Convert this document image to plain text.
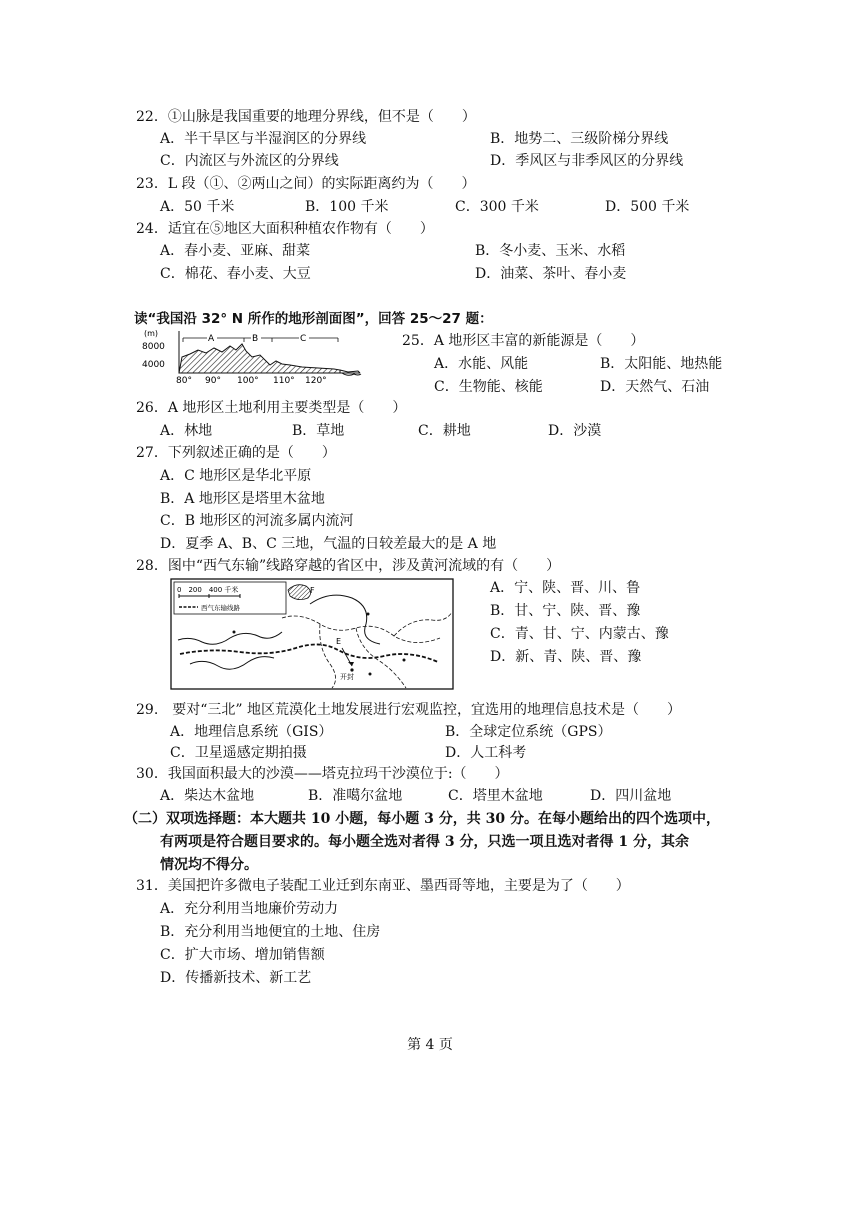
22．①山脉是我国重要的地理分界线，但不是（　　）
A．半干旱区与半湿润区的分界线	B．地势二、三级阶梯分界线
C．内流区与外流区的分界线	D．季风区与非季风区的分界线
23．L 段（①、②两山之间）的实际距离约为（　　）
A．50 千米	B．100 千米	C．300 千米	D．500 千米
24．适宜在⑤地区大面积种植农作物有（　　）
A．春小麦、亚麻、甜菜	B．冬小麦、玉米、水稻
C．棉花、春小麦、大豆	D．油菜、茶叶、春小麦
读“我国沿 32° N 所作的地形剖面图”，回答 25～27 题：
(m)
8000
4000
A	B	C
80° 90° 100° 110° 120°
25．A 地形区丰富的新能源是（　　）
A．水能、风能	B．太阳能、地热能
C．生物能、核能	D．天然气、石油
26．A 地形区土地利用主要类型是（　　）
A．林地	B．草地	C．耕地	D．沙漠
27．下列叙述正确的是（　　）
A．C 地形区是华北平原
B．A 地形区是塔里木盆地
C．B 地形区的河流多属内流河
D．夏季 A、B、C 三地，气温的日较差最大的是 A 地
28．图中“西气东输”线路穿越的省区中，涉及黄河流域的有（　　）
0　200　400 千米
西气东输线路
F
E
开封
A．宁、陕、晋、川、鲁
B．甘、宁、陕、晋、豫
C．青、甘、宁、内蒙古、豫
D．新、青、陕、晋、豫
29.　要对“三北” 地区荒漠化土地发展进行宏观监控，宜选用的地理信息技术是（　　）
A．地理信息系统（GIS）	B．全球定位系统（GPS）
C．卫星遥感定期拍摄	D．人工科考
30．我国面积最大的沙漠——塔克拉玛干沙漠位于:（　　）
A．柴达木盆地	B．准噶尔盆地	C．塔里木盆地	D．四川盆地
（二）双项选择题：本大题共 10 小题，每小题 3 分，共 30 分。在每小题给出的四个选项中，
有两项是符合题目要求的。每小题全选对者得 3 分，只选一项且选对者得 1 分，其余
情况均不得分。
31．美国把许多微电子装配工业迁到东南亚、墨西哥等地，主要是为了（　　）
A．充分利用当地廉价劳动力
B．充分利用当地便宜的土地、住房
C．扩大市场、增加销售额
D．传播新技术、新工艺
第 4 页
